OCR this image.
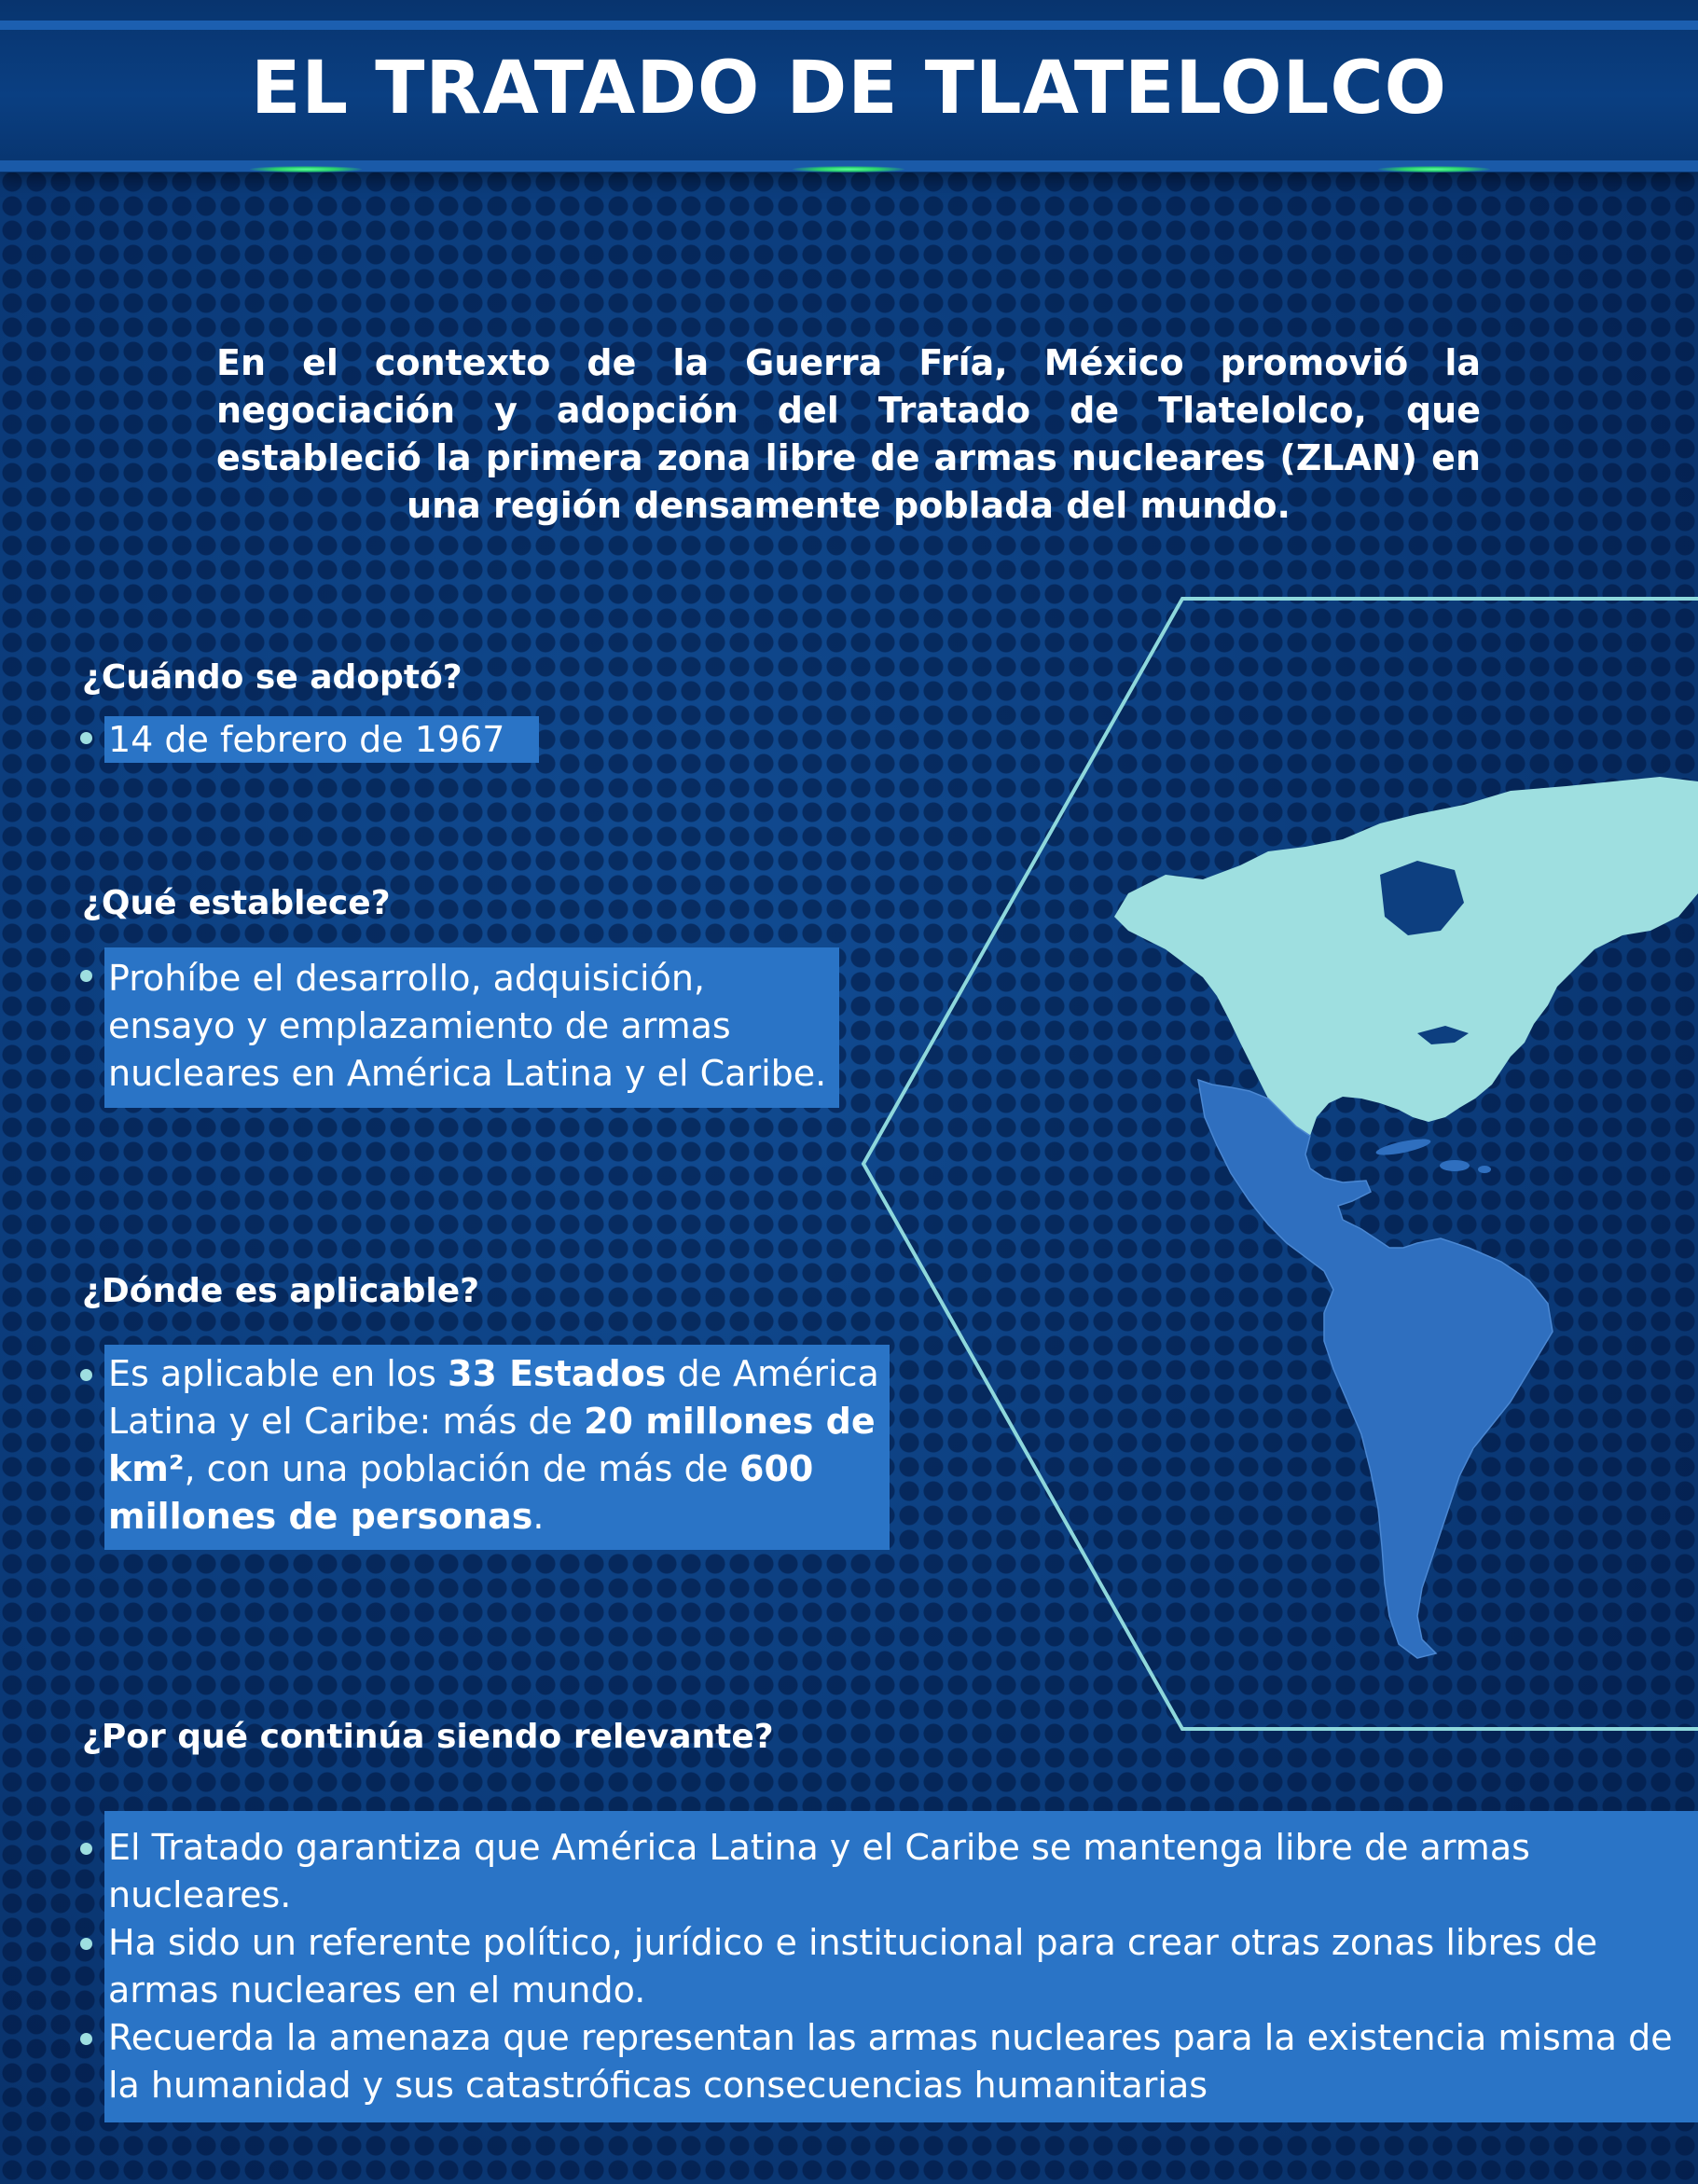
EL TRATADO DE TLATELOLCO

En el contexto de la Guerra Fría, México promovió la negociación y adopción del Tratado de Tlatelolco, que estableció la primera zona libre de armas nucleares (ZLAN) en una región densamente poblada del mundo.

¿Cuándo se adoptó?
14 de febrero de 1967
¿Qué establece?
Prohíbe el desarrollo, adquisición, ensayo y emplazamiento de armas nucleares en América Latina y el Caribe.
¿Dónde es aplicable?
Es aplicable en los 33 Estados de América Latina y el Caribe: más de 20 millones de km², con una población de más de 600 millones de personas.
¿Por qué continúa siendo relevante?

El Tratado garantiza que América Latina y el Caribe se mantenga libre de armas nucleares.

Ha sido un referente político, jurídico e institucional para crear otras zonas libres de armas nucleares en el mundo.

Recuerda la amenaza que representan las armas nucleares para la existencia misma de la humanidad y sus catastróficas consecuencias humanitarias
